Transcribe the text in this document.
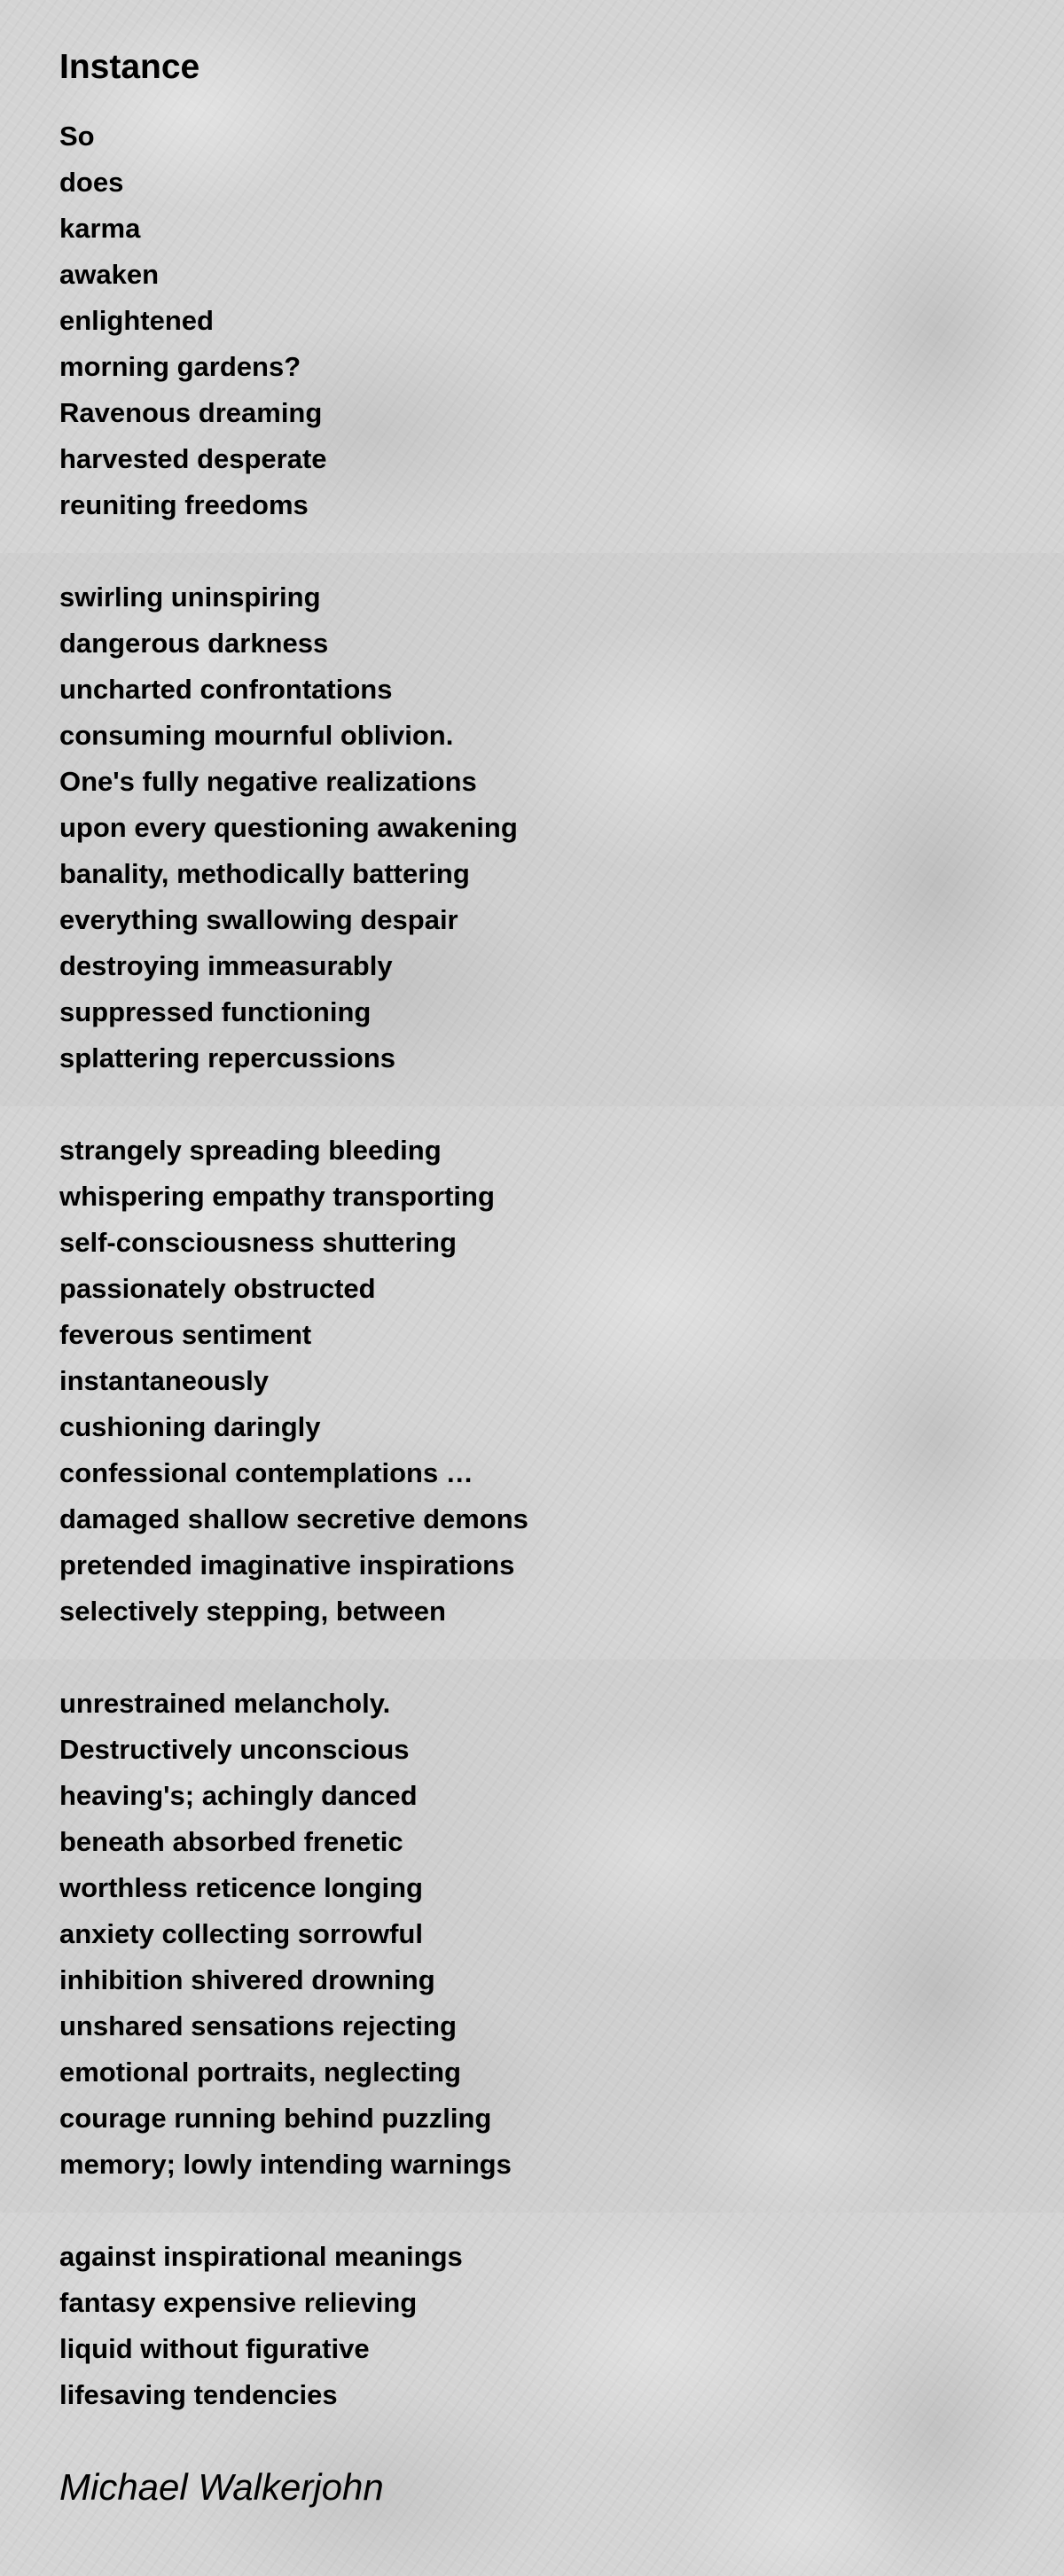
Instance
So
does
karma
awaken
enlightened
morning gardens?
Ravenous dreaming
harvested desperate
reuniting freedoms
swirling uninspiring
dangerous darkness
uncharted confrontations
consuming mournful oblivion.
One's fully negative realizations
upon every questioning awakening
banality, methodically battering
everything swallowing despair
destroying immeasurably
suppressed functioning
splattering repercussions
strangely spreading bleeding
whispering empathy transporting
self-consciousness shuttering
passionately obstructed
feverous sentiment
instantaneously
cushioning daringly
confessional contemplations …
damaged shallow secretive demons
pretended imaginative inspirations
selectively stepping, between
unrestrained melancholy.
Destructively unconscious
heaving's; achingly danced
beneath absorbed frenetic
worthless reticence longing
anxiety collecting sorrowful
inhibition shivered drowning
unshared sensations rejecting
emotional portraits, neglecting
courage running behind puzzling
memory; lowly intending warnings
against inspirational meanings
fantasy expensive relieving
liquid without figurative
lifesaving tendencies
Michael Walkerjohn
